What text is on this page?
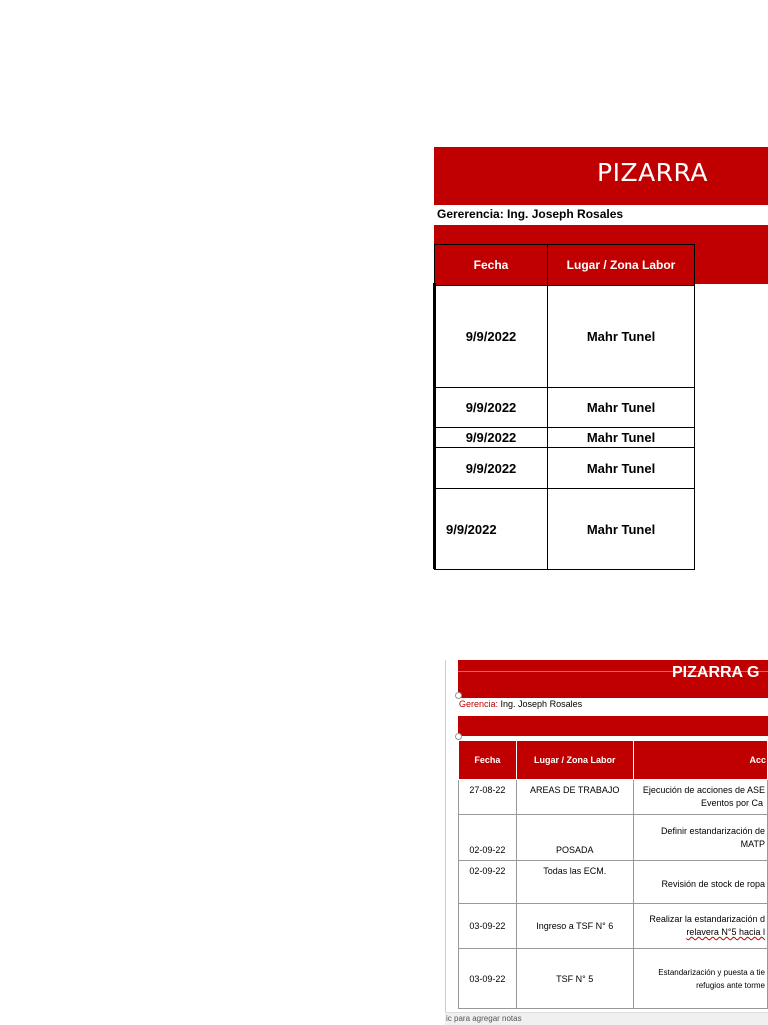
PIZARRA
Gererencia: Ing. Joseph Rosales
Fecha	Lugar / Zona Labor
9/9/2022	Mahr Tunel
9/9/2022	Mahr Tunel
9/9/2022	Mahr Tunel
9/9/2022	Mahr Tunel
9/9/2022	Mahr Tunel
PIZARRA G
Gerencia: Ing. Joseph Rosales
Fecha	Lugar / Zona Labor	Acc
27-08-22	AREAS DE TRABAJO	Ejecución de acciones de ASE
Eventos por Ca

02-09-22	POSADA	Definir estandarización de
MATP

02-09-22	Todas las ECM.	Revisión de stock de ropa

03-09-22	Ingreso a TSF N° 6	Realizar la estandarización d
relavera N°5 hacia l

03-09-22	TSF N° 5	Estandarización y puesta a tie
refugios ante torme
ic para agregar notas
